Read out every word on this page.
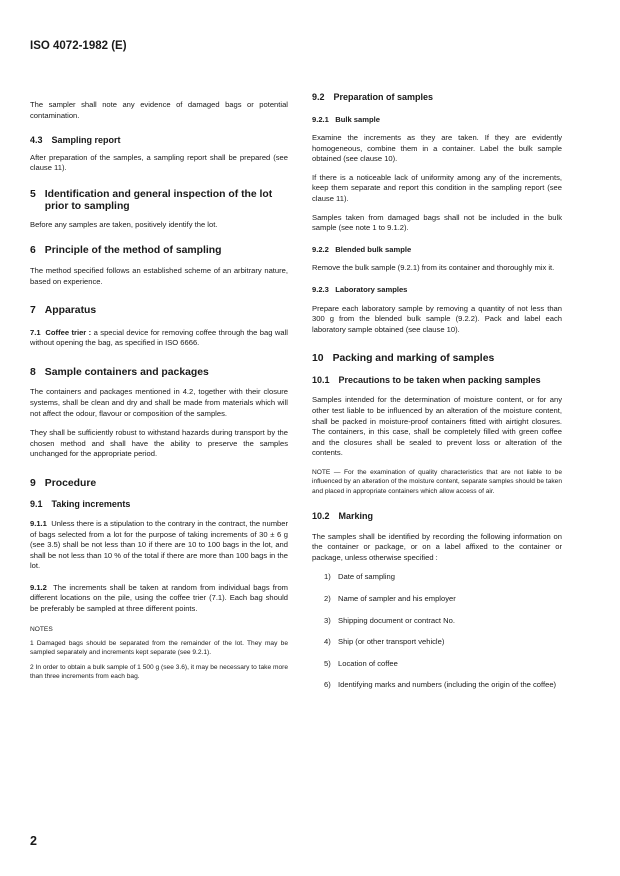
ISO 4072-1982 (E)

The sampler shall note any evidence of damaged bags or potential contamination.

4.3 Sampling report

After preparation of the samples, a sampling report shall be prepared (see clause 11).

5 Identification and general inspection of the lot prior to sampling

Before any samples are taken, positively identify the lot.

6 Principle of the method of sampling

The method specified follows an established scheme of an arbitrary nature, based on experience.

7 Apparatus

7.1 Coffee trier : a special device for removing coffee through the bag wall without opening the bag, as specified in ISO 6666.

8 Sample containers and packages

The containers and packages mentioned in 4.2, together with their closure systems, shall be clean and dry and shall be made from materials which will not affect the odour, flavour or composition of the samples.

They shall be sufficiently robust to withstand hazards during transport by the chosen method and shall have the ability to preserve the samples unchanged for the appropriate period.

9 Procedure
9.1 Taking increments

9.1.1 Unless there is a stipulation to the contrary in the contract, the number of bags selected from a lot for the purpose of taking increments of 30 ± 6 g (see 3.5) shall be not less than 10 if there are 10 to 100 bags in the lot, and shall be not less than 10 % of the total if there are more than 100 bags in the lot.

9.1.2 The increments shall be taken at random from individual bags from different locations on the pile, using the coffee trier (7.1). Each bag should be preferably be sampled at three different points.

NOTES

1 Damaged bags should be separated from the remainder of the lot. They may be sampled separately and increments kept separate (see 9.2.1).

2 In order to obtain a bulk sample of 1 500 g (see 3.6), it may be necessary to take more than three increments from each bag.

9.2 Preparation of samples
9.2.1 Bulk sample

Examine the increments as they are taken. If they are evidently homogeneous, combine them in a container. Label the bulk sample obtained (see clause 10).

If there is a noticeable lack of uniformity among any of the increments, keep them separate and report this condition in the sampling report (see clause 11).

Samples taken from damaged bags shall not be included in the bulk sample (see note 1 to 9.1.2).

9.2.2 Blended bulk sample

Remove the bulk sample (9.2.1) from its container and thoroughly mix it.

9.2.3 Laboratory samples

Prepare each laboratory sample by removing a quantity of not less than 300 g from the blended bulk sample (9.2.2). Pack and label each laboratory sample obtained (see clause 10).

10 Packing and marking of samples
10.1 Precautions to be taken when packing samples

Samples intended for the determination of moisture content, or for any other test liable to be influenced by an alteration of the moisture content, shall be packed in moisture-proof containers fitted with airtight closures. The containers, in this case, shall be completely filled with green coffee and the closures shall be sealed to prevent loss or alteration of the contents.

NOTE — For the examination of quality characteristics that are not liable to be influenced by an alteration of the moisture content, separate samples should be taken and placed in appropriate containers which allow access of air.

10.2 Marking

The samples shall be identified by recording the following information on the container or package, or on a label affixed to the container or package, unless otherwise specified :

1) Date of sampling
2) Name of sampler and his employer
3) Shipping document or contract No.
4) Ship (or other transport vehicle)
5) Location of coffee
6) Identifying marks and numbers (including the origin of the coffee)
2
